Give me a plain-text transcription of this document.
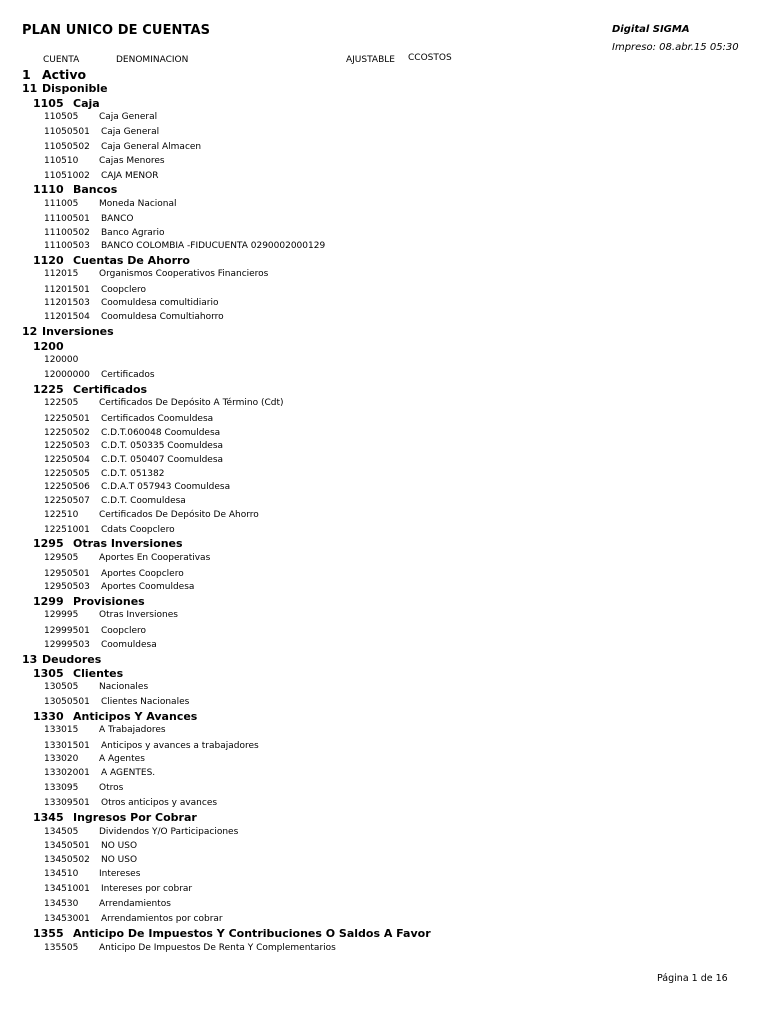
PLAN UNICO DE CUENTAS	Digital SIGMA
Impreso: 08.abr.15 05:30
CUENTA	DENOMINACION	AJUSTABLE CCOSTOS
1 Activo
11 Disponible
1105 Caja
110505 Caja General
11050501 Caja General
11050502 Caja General Almacen
110510 Cajas Menores
11051002 CAJA MENOR
1110 Bancos
111005 Moneda Nacional
11100501 BANCO
11100502 Banco Agrario
11100503 BANCO COLOMBIA -FIDUCUENTA 0290002000129
1120 Cuentas De Ahorro
112015 Organismos Cooperativos Financieros
11201501 Coopclero
11201503 Coomuldesa comultidiario
11201504 Coomuldesa Comultiahorro
12 Inversiones
1200
120000
12000000 Certificados
1225 Certificados
122505 Certificados De Depósito A Término (Cdt)
12250501 Certificados Coomuldesa
12250502 C.D.T.060048 Coomuldesa
12250503 C.D.T. 050335 Coomuldesa
12250504 C.D.T. 050407 Coomuldesa
12250505 C.D.T. 051382
12250506 C.D.A.T 057943 Coomuldesa
12250507 C.D.T. Coomuldesa
122510 Certificados De Depósito De Ahorro
12251001 Cdats Coopclero
1295 Otras Inversiones
129505 Aportes En Cooperativas
12950501 Aportes Coopclero
12950503 Aportes Coomuldesa
1299 Provisiones
129995 Otras Inversiones
12999501 Coopclero
12999503 Coomuldesa
13 Deudores
1305 Clientes
130505 Nacionales
13050501 Clientes Nacionales
1330 Anticipos Y Avances
133015 A Trabajadores
13301501 Anticipos y avances a trabajadores
133020 A Agentes
13302001 A AGENTES.
133095 Otros
13309501 Otros anticipos y avances
1345 Ingresos Por Cobrar
134505 Dividendos Y/O Participaciones
13450501 NO USO
13450502 NO USO
134510 Intereses
13451001 Intereses por cobrar
134530 Arrendamientos
13453001 Arrendamientos por cobrar
1355 Anticipo De Impuestos Y Contribuciones O Saldos A Favor
135505 Anticipo De Impuestos De Renta Y Complementarios
Página 1 de 16
